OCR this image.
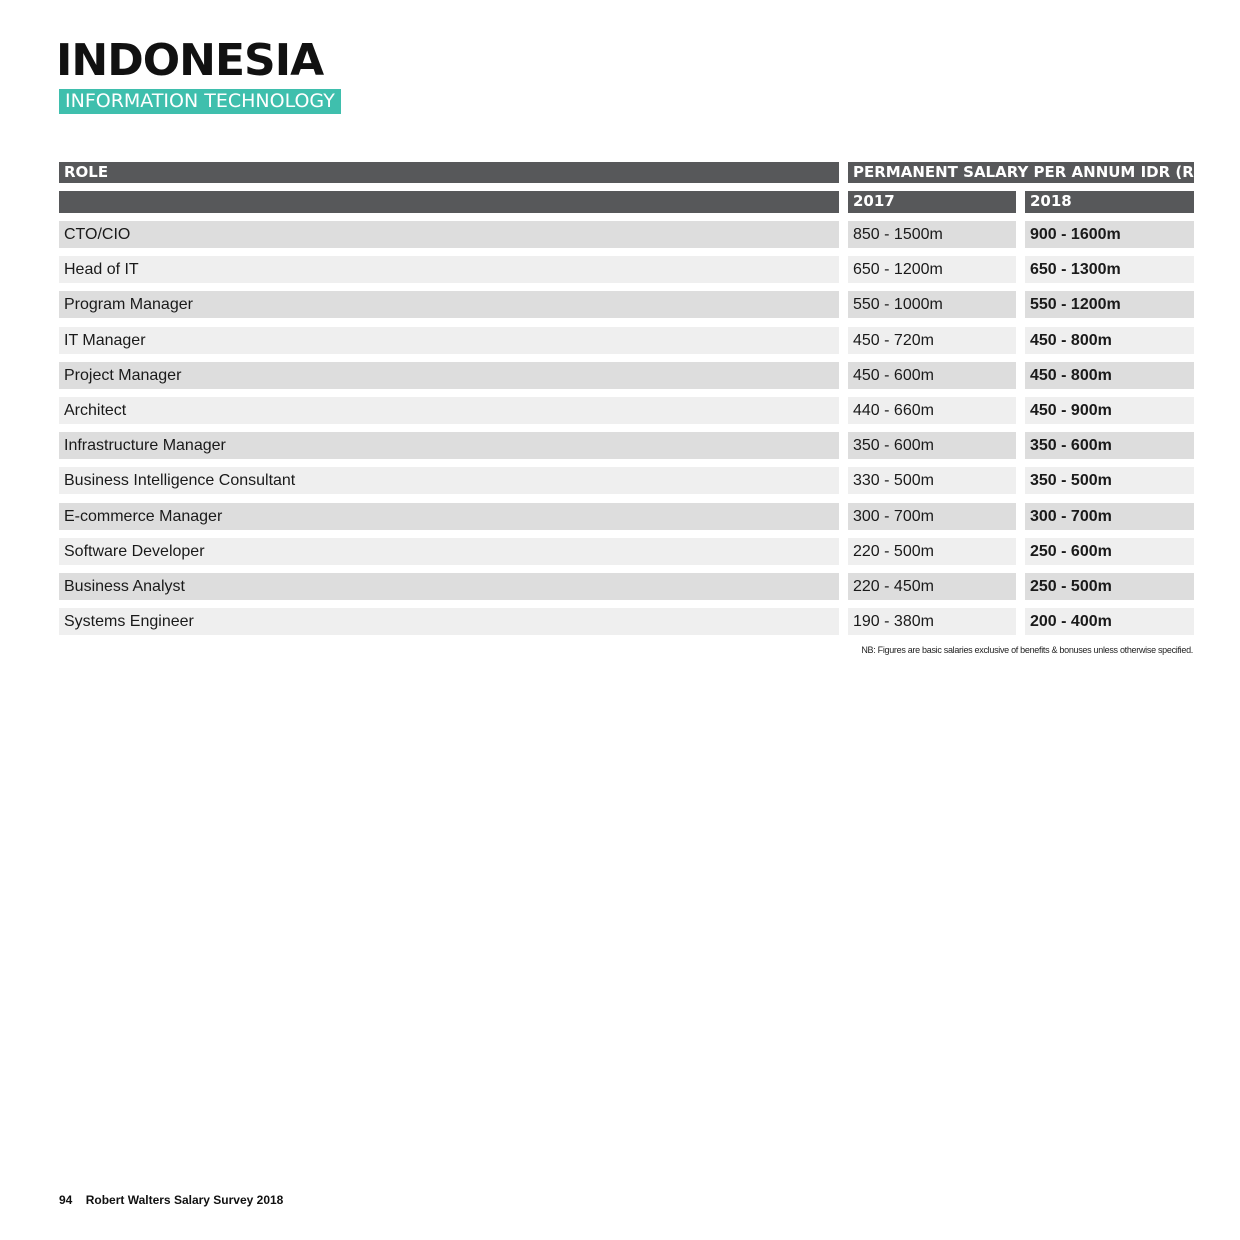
INDONESIA
INFORMATION TECHNOLOGY
ROLE	PERMANENT SALARY PER ANNUM IDR (RP)
2017	2018
CTO/CIO	850 - 1500m	900 - 1600m
Head of IT	650 - 1200m	650 - 1300m
Program Manager	550 - 1000m	550 - 1200m
IT Manager	450 - 720m	450 - 800m
Project Manager	450 - 600m	450 - 800m
Architect	440 - 660m	450 - 900m
Infrastructure Manager	350 - 600m	350 - 600m
Business Intelligence Consultant	330 - 500m	350 - 500m
E-commerce Manager	300 - 700m	300 - 700m
Software Developer	220 - 500m	250 - 600m
Business Analyst	220 - 450m	250 - 500m
Systems Engineer	190 - 380m	200 - 400m
NB: Figures are basic salaries exclusive of benefits & bonuses unless otherwise specified.
94 Robert Walters Salary Survey 2018
